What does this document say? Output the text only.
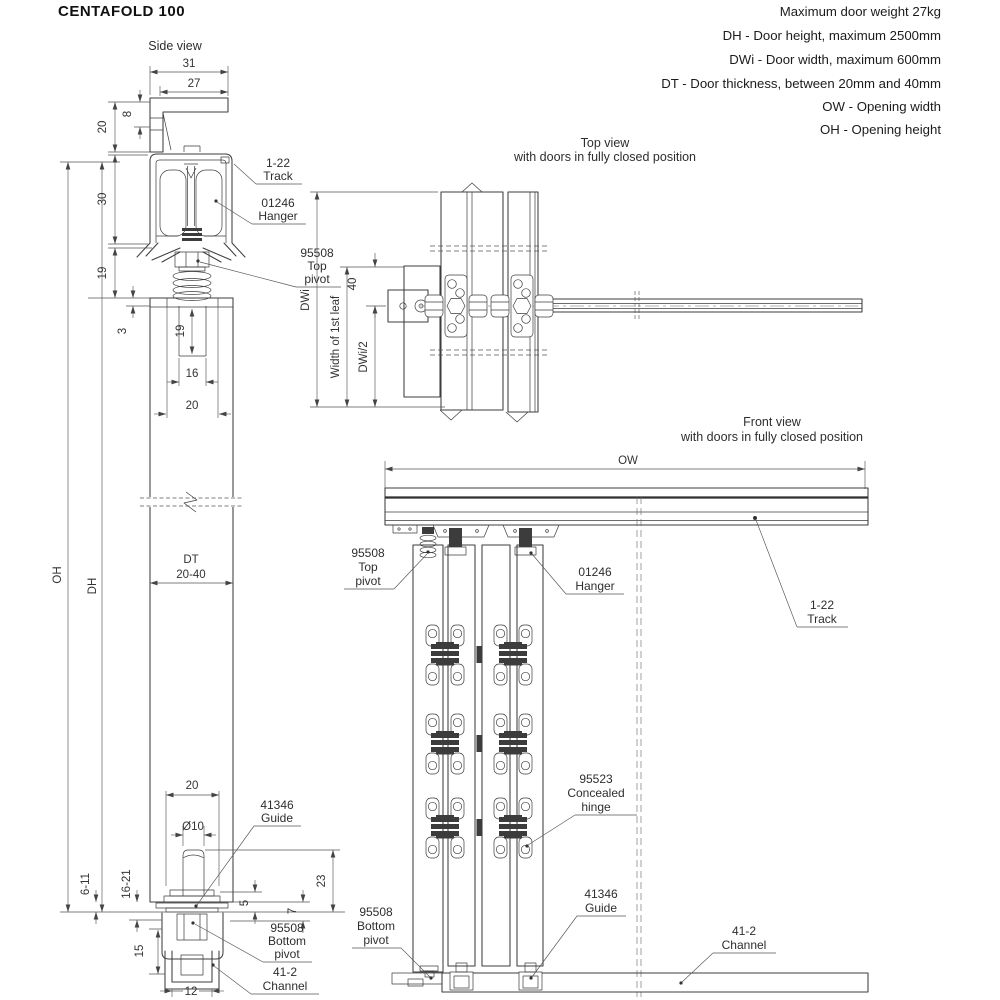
CENTAFOLD 100	Maximum door weight 27kg
DH - Door height, maximum 2500mm
DWi - Door width, maximum 600mm
DT - Door thickness, between 20mm and 40mm
OW - Opening width
OH - Opening height
Side view
31
27
8
20
30
19
3	19
16
20
DT
20-40
OH
DH
20
Ø10
23
5
7
6-11	16-21
15
12
1-22
Track
01246
Hanger
95508
Top
pivot
41346
Guide
95508
Bottom
pivot
41-2
Channel
Top view
with doors in fully closed position
DWi Width of 1st leaf DWi/2
40
Front view
with doors in fully closed position
OW
95508
Top
pivot
01246
Hanger
1-22
Track
95523
Concealed
hinge
41346
Guide
95508
Bottom
pivot
41-2
Channel
